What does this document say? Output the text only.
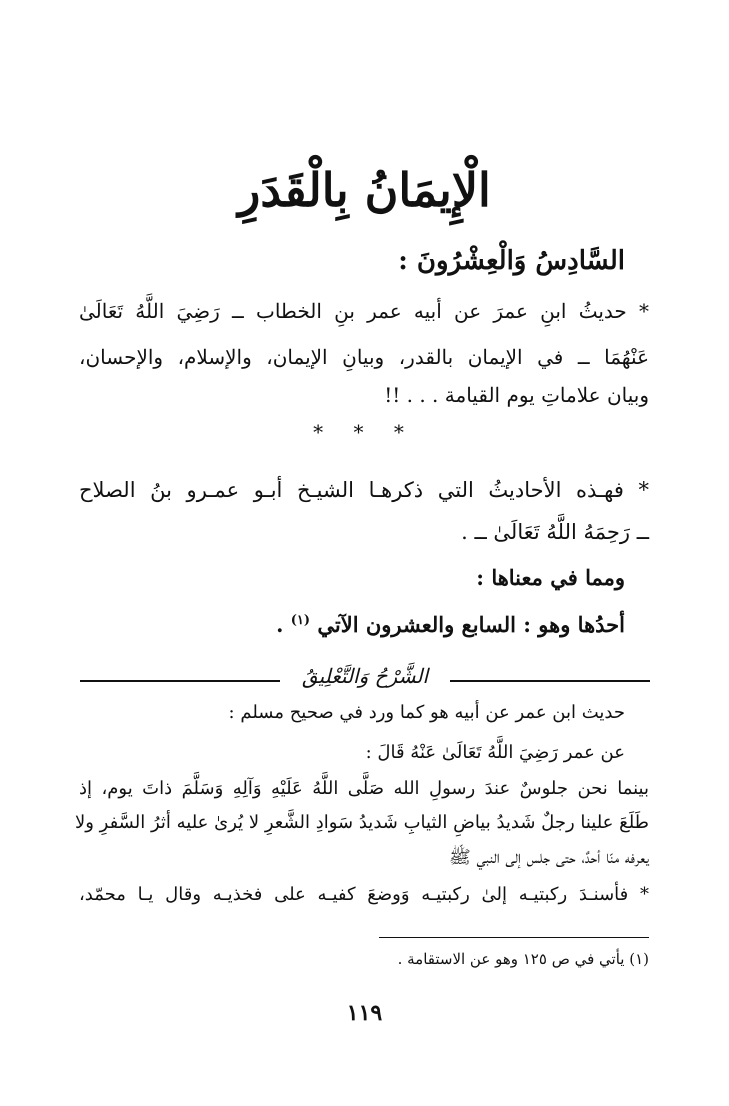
الْإِيمَانُ بِالْقَدَرِ
السَّادِسُ وَالْعِشْرُونَ :
* حديثُ ابنِ عمرَ عن أبيه عمر بنِ الخطاب ــ رَضِيَ اللَّهُ تَعَالَىٰ
عَنْهُمَا ــ في الإيمان بالقدر، وبيانِ الإيمان، والإسلام، والإحسان،
وبيان علاماتِ يوم القيامة . . . !!
* * *
* فهـذه الأحاديثُ التي ذكرهـا الشيـخ أبـو عمـرو بنُ الصلاح
ــ رَحِمَهُ اللَّهُ تَعَالَىٰ ــ .
ومما في معناها :
أحدُها وهو : السابع والعشرون الآتي $^{(١)}$ .
الشَّرْحُ وَالتَّعْلِيقُ
حديث ابن عمر عن أبيه هو كما ورد في صحيح مسلم :
عن عمر رَضِيَ اللَّهُ تَعَالَىٰ عَنْهُ قَالَ :
بينما نحن جلوسٌ عندَ رسولِ الله صَلَّى اللَّهُ عَلَيْهِ وَآلِهِ وَسَلَّمَ ذاتَ يوم، إذ
طَلَعَ علينا رجلٌ شَديدُ بياضِ الثيابِ شَديدُ سَوادِ الشَّعرِ لا يُرىٰ عليه أثرُ السَّفرِ ولا
يعرفه منّا أحدٌ، حتى جلس إلى النبي ﷺ
* فأسنـدَ ركبتيـه إلىٰ ركبتيـه وَوضعَ كفيـه على فخذيـه وقال يـا محمّد،
(١) يأتي في ص ١٢٥ وهو عن الاستقامة .
١١٩
